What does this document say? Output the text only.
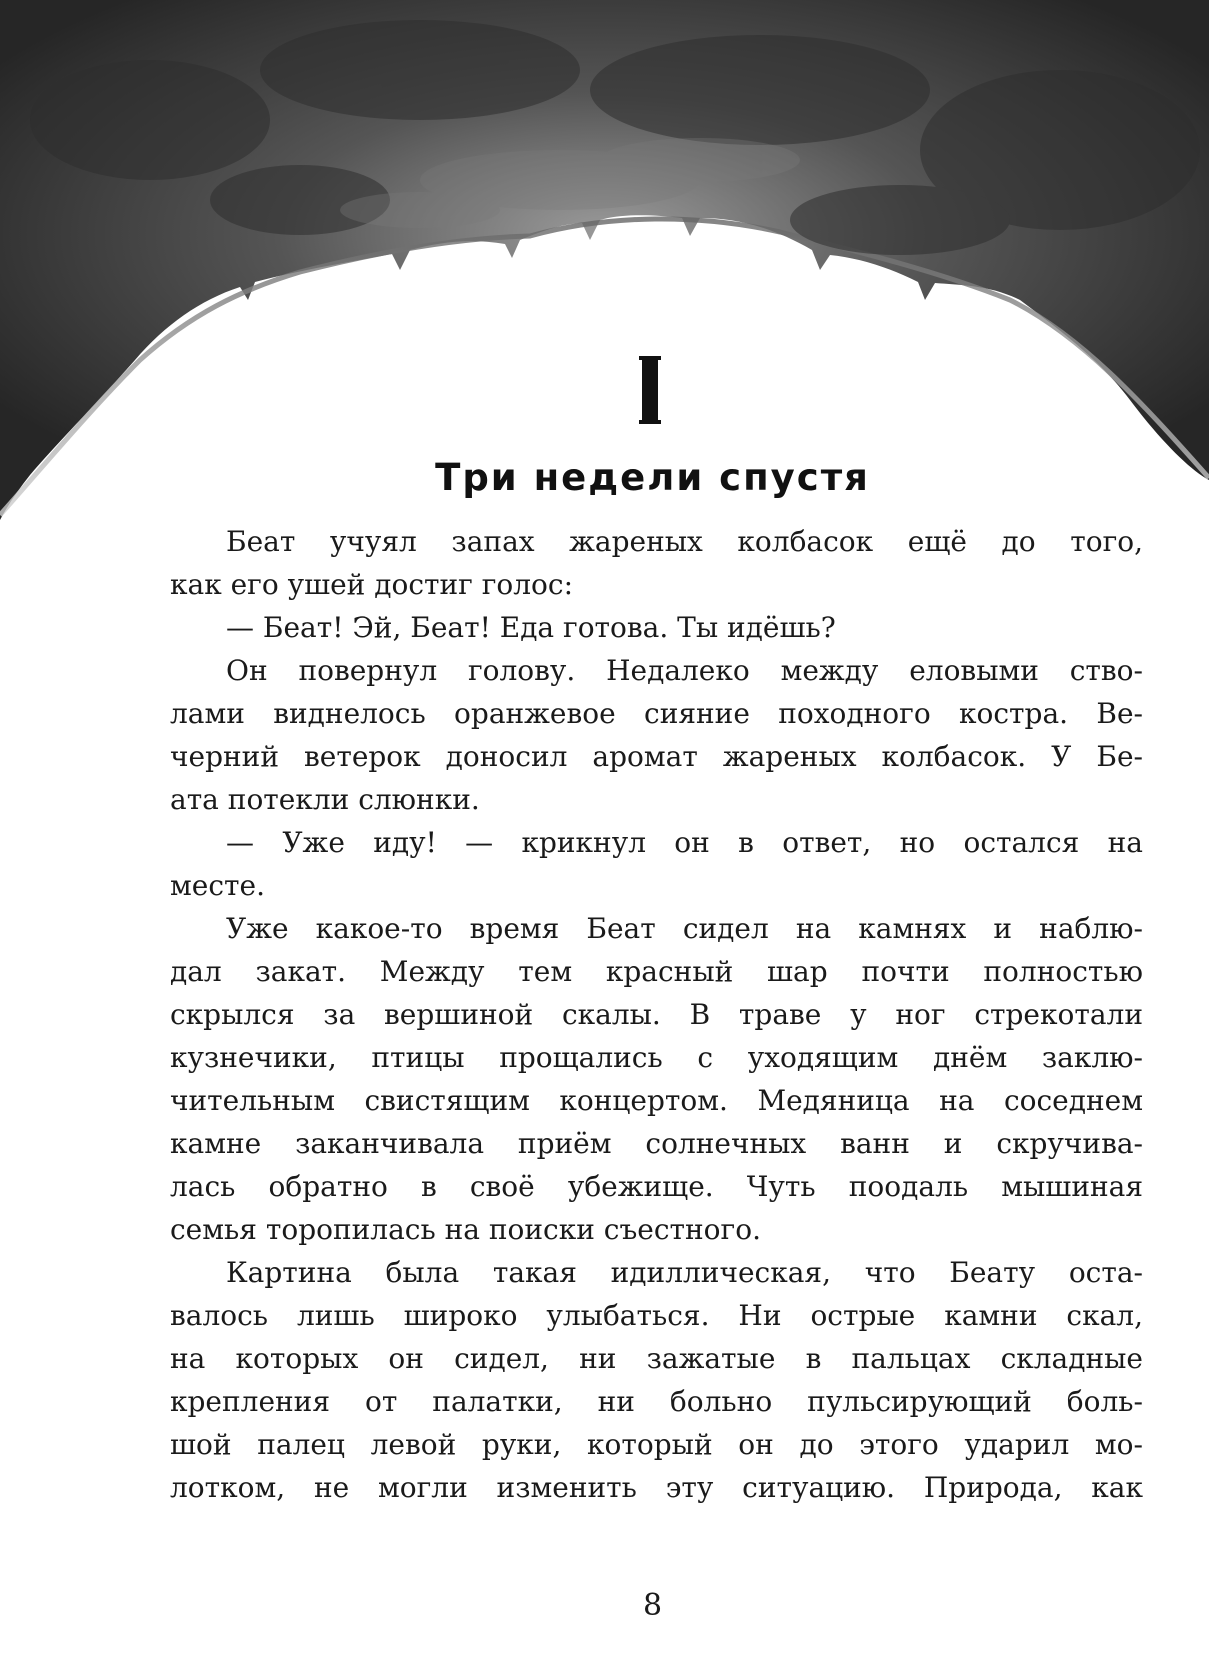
Три недели спустя
Беат учуял запах жареных колбасок ещё до того,
как его ушей достиг голос:
— Беат! Эй, Беат! Еда готова. Ты идёшь?
Он повернул голову. Недалеко между еловыми ство-
лами виднелось оранжевое сияние походного костра. Ве-
черний ветерок доносил аромат жареных колбасок. У Бе-
ата потекли слюнки.
— Уже иду! — крикнул он в ответ, но остался на
месте.
Уже какое-то время Беат сидел на камнях и наблю-
дал закат. Между тем красный шар почти полностью
скрылся за вершиной скалы. В траве у ног стрекотали
кузнечики, птицы прощались с уходящим днём заклю-
чительным свистящим концертом. Медяница на соседнем
камне заканчивала приём солнечных ванн и скручива-
лась обратно в своё убежище. Чуть поодаль мышиная
семья торопилась на поиски съестного.
Картина была такая идиллическая, что Беату оста-
валось лишь широко улыбаться. Ни острые камни скал,
на которых он сидел, ни зажатые в пальцах складные
крепления от палатки, ни больно пульсирующий боль-
шой палец левой руки, который он до этого ударил мо-
лотком, не могли изменить эту ситуацию. Природа, как
8
